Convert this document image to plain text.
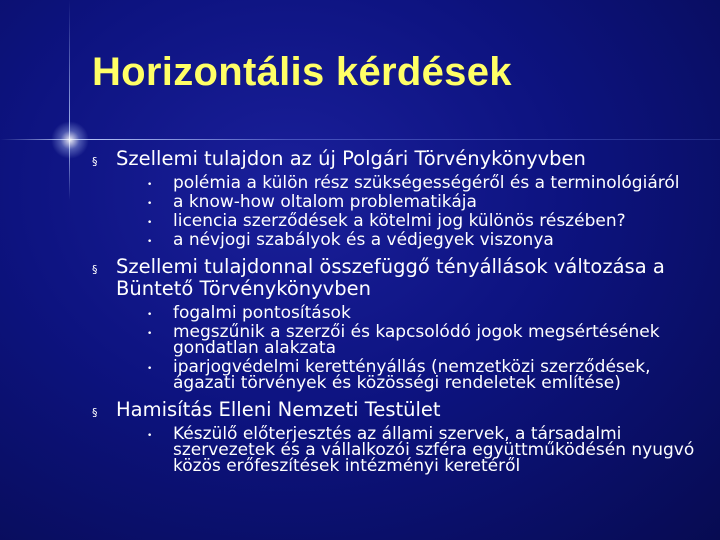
Horizontális kérdések
§ Szellemi tulajdon az új Polgári Törvénykönyvben
• polémia a külön rész szükségességéről és a terminológiáról
• a know-how oltalom problematikája
• licencia szerződések a kötelmi jog különös részében?
• a névjogi szabályok és a védjegyek viszonya
§ Szellemi tulajdonnal összefüggő tényállások változása a Büntető Törvénykönyvben
• fogalmi pontosítások
• megszűnik a szerzői és kapcsolódó jogok megsértésének gondatlan alakzata
• iparjogvédelmi kerettényállás (nemzetközi szerződések, ágazati törvények és közösségi rendeletek említése)
§ Hamisítás Elleni Nemzeti Testület
• Készülő előterjesztés az állami szervek, a társadalmi szervezetek és a vállalkozói szféra együttműködésén nyugvó közös erőfeszítések intézményi keretéről
